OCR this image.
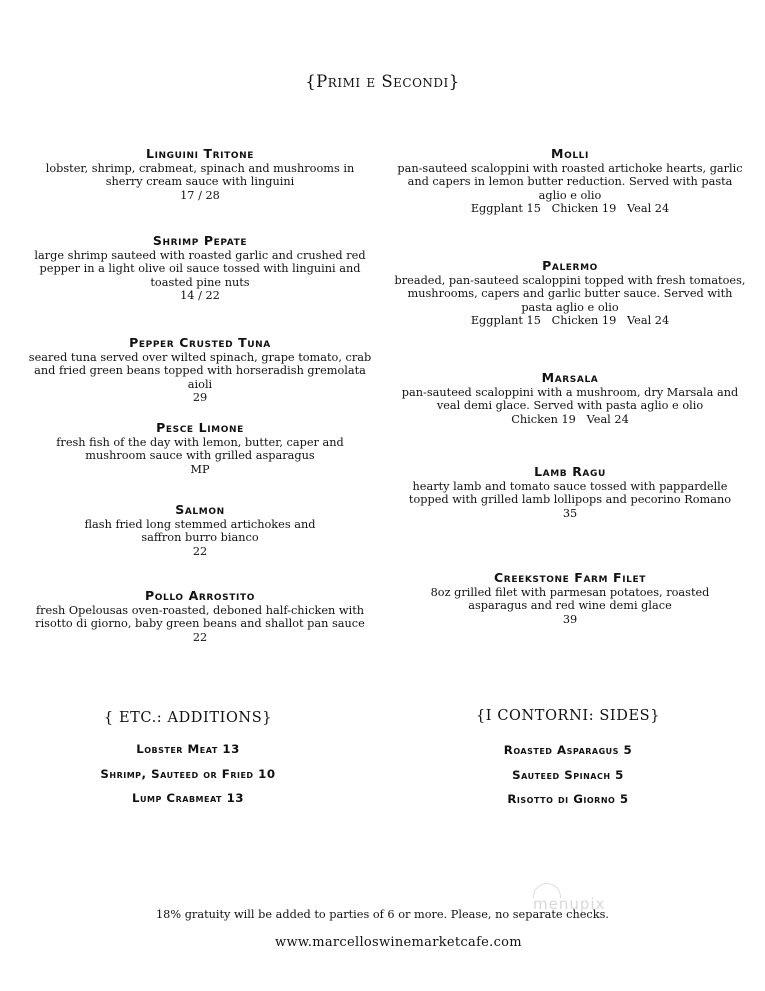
{Primi e Secondi}
Linguini Tritone
lobster, shrimp, crabmeat, spinach and mushrooms in sherry cream sauce with linguini
17 / 28
Shrimp Pepate
large shrimp sauteed with roasted garlic and crushed red pepper in a light olive oil sauce tossed with linguini and toasted pine nuts
14 / 22
Pepper Crusted Tuna
seared tuna served over wilted spinach, grape tomato, crab and fried green beans topped with horseradish gremolata aioli
29
Pesce Limone
fresh fish of the day with lemon, butter, caper and mushroom sauce with grilled asparagus
MP
Salmon
flash fried long stemmed artichokes and saffron burro bianco
22
Pollo Arrostito
fresh Opelousas oven-roasted, deboned half-chicken with risotto di giorno, baby green beans and shallot pan sauce
22
Molli
pan-sauteed scaloppini with roasted artichoke hearts, garlic and capers in lemon butter reduction. Served with pasta aglio e olio
Eggplant 15   Chicken 19   Veal 24
Palermo
breaded, pan-sauteed scaloppini topped with fresh tomatoes, mushrooms, capers and garlic butter sauce. Served with pasta aglio e olio
Eggplant 15   Chicken 19   Veal 24
Marsala
pan-sauteed scaloppini with a mushroom, dry Marsala and veal demi glace. Served with pasta aglio e olio
Chicken 19   Veal 24
Lamb Ragu
hearty lamb and tomato sauce tossed with pappardelle topped with grilled lamb lollipops and pecorino Romano
35
Creekstone Farm Filet
8oz grilled filet with parmesan potatoes, roasted asparagus and red wine demi glace
39
{ ETC.: ADDITIONS}
Lobster Meat 13
Shrimp, Sauteed or Fried 10
Lump Crabmeat 13
{I CONTORNI: SIDES}
Roasted Asparagus 5
Sauteed Spinach 5
Risotto di Giorno 5
menupix
18% gratuity will be added to parties of 6 or more. Please, no separate checks.
www.marcelloswinemarketcafe.com
